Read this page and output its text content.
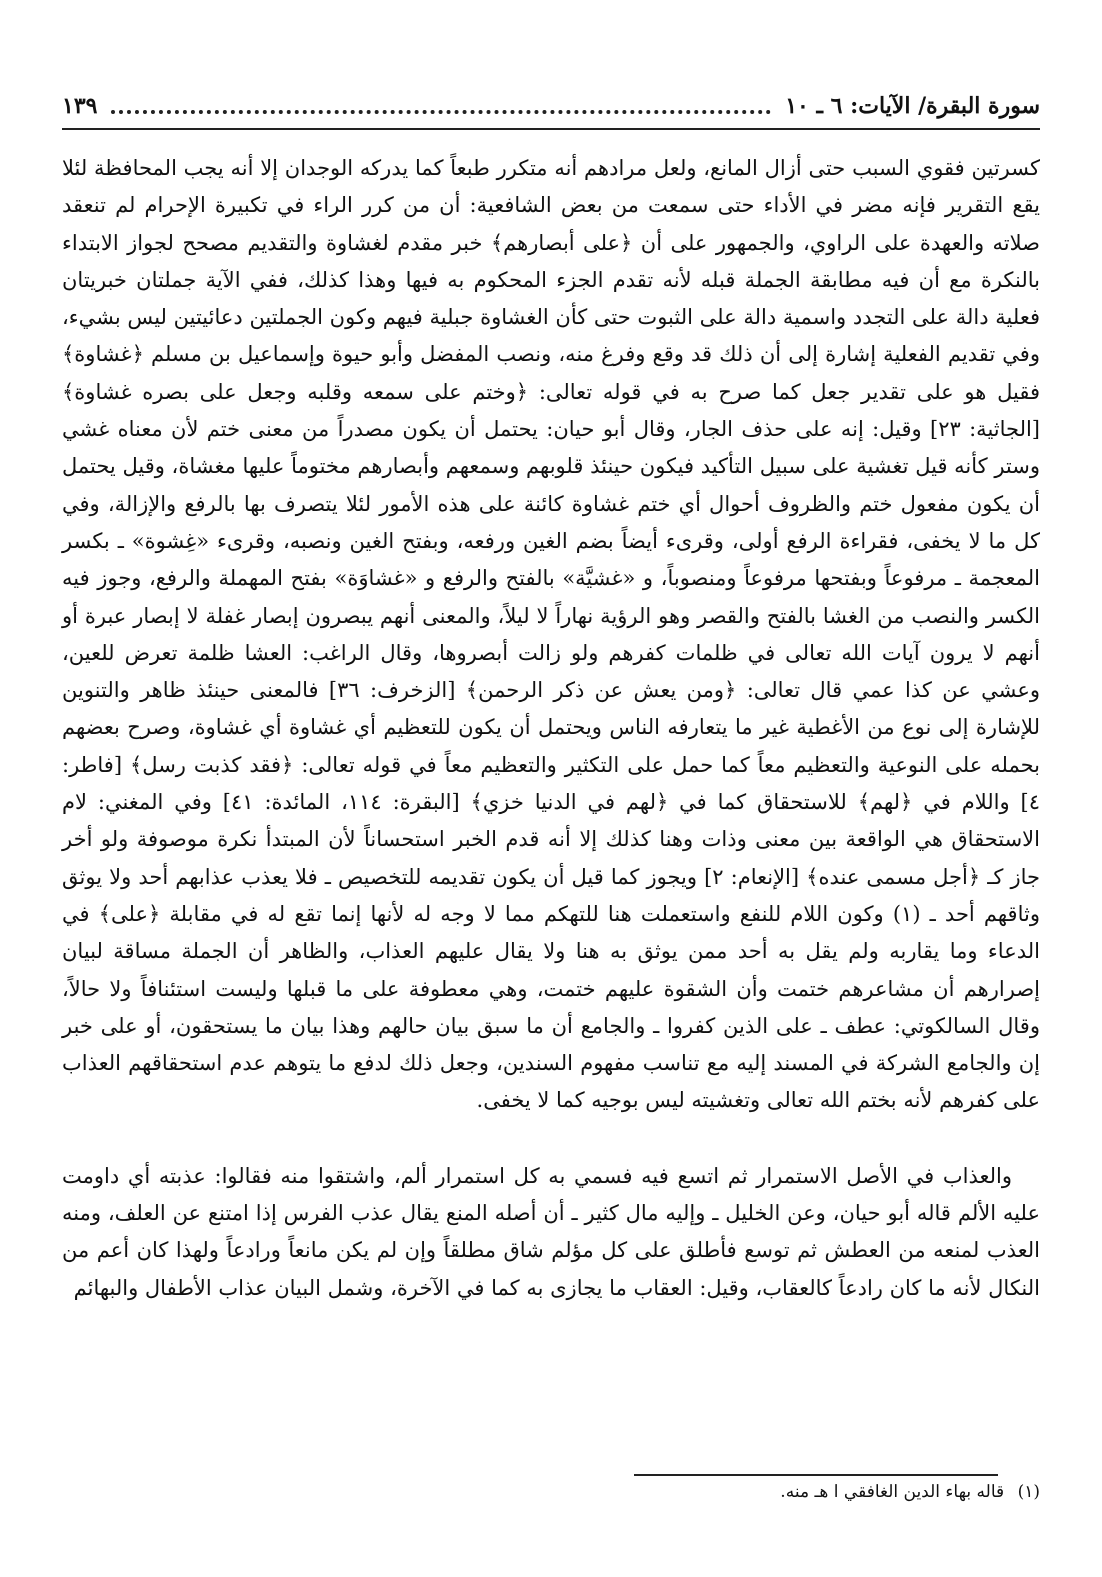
سورة البقرة/ الآيات: ٦ ـ ١٠
١٣٩

كسرتين فقوي السبب حتى أزال المانع، ولعل مرادهم أنه متكرر طبعاً كما يدركه الوجدان إلا أنه يجب المحافظة لئلا يقع التقرير فإنه مضر في الأداء حتى سمعت من بعض الشافعية: أن من كرر الراء في تكبيرة الإحرام لم تنعقد صلاته والعهدة على الراوي، والجمهور على أن ﴿على أبصارهم﴾ خبر مقدم لغشاوة والتقديم مصحح لجواز الابتداء بالنكرة مع أن فيه مطابقة الجملة قبله لأنه تقدم الجزء المحكوم به فيها وهذا كذلك، ففي الآية جملتان خبريتان فعلية دالة على التجدد واسمية دالة على الثبوت حتى كأن الغشاوة جبلية فيهم وكون الجملتين دعائيتين ليس بشيء، وفي تقديم الفعلية إشارة إلى أن ذلك قد وقع وفرغ منه، ونصب المفضل وأبو حيوة وإسماعيل بن مسلم ﴿غشاوة﴾ فقيل هو على تقدير جعل كما صرح به في قوله تعالى: ﴿وختم على سمعه وقلبه وجعل على بصره غشاوة﴾ [الجاثية: ٢٣] وقيل: إنه على حذف الجار، وقال أبو حيان: يحتمل أن يكون مصدراً من معنى ختم لأن معناه غشي وستر كأنه قيل تغشية على سبيل التأكيد فيكون حينئذ قلوبهم وسمعهم وأبصارهم مختوماً عليها مغشاة، وقيل يحتمل أن يكون مفعول ختم والظروف أحوال أي ختم غشاوة كائنة على هذه الأمور لئلا يتصرف بها بالرفع والإزالة، وفي كل ما لا يخفى، فقراءة الرفع أولى، وقرىء أيضاً بضم الغين ورفعه، وبفتح الغين ونصبه، وقرىء «غِشوة» ـ بكسر المعجمة ـ مرفوعاً وبفتحها مرفوعاً ومنصوباً، و «غشيَّة» بالفتح والرفع و «غشاوَة» بفتح المهملة والرفع، وجوز فيه الكسر والنصب من الغشا بالفتح والقصر وهو الرؤية نهاراً لا ليلاً، والمعنى أنهم يبصرون إبصار غفلة لا إبصار عبرة أو أنهم لا يرون آيات الله تعالى في ظلمات كفرهم ولو زالت أبصروها، وقال الراغب: العشا ظلمة تعرض للعين، وعشي عن كذا عمي قال تعالى: ﴿ومن يعش عن ذكر الرحمن﴾ [الزخرف: ٣٦] فالمعنى حينئذ ظاهر والتنوين للإشارة إلى نوع من الأغطية غير ما يتعارفه الناس ويحتمل أن يكون للتعظيم أي غشاوة أي غشاوة، وصرح بعضهم بحمله على النوعية والتعظيم معاً كما حمل على التكثير والتعظيم معاً في قوله تعالى: ﴿فقد كذبت رسل﴾ [فاطر: ٤] واللام في ﴿لهم﴾ للاستحقاق كما في ﴿لهم في الدنيا خزي﴾ [البقرة: ١١٤، المائدة: ٤١] وفي المغني: لام الاستحقاق هي الواقعة بين معنى وذات وهنا كذلك إلا أنه قدم الخبر استحساناً لأن المبتدأ نكرة موصوفة ولو أخر جاز كـ ﴿أجل مسمى عنده﴾ [الإنعام: ٢] ويجوز كما قيل أن يكون تقديمه للتخصيص ـ فلا يعذب عذابهم أحد ولا يوثق وثاقهم أحد ـ (١) وكون اللام للنفع واستعملت هنا للتهكم مما لا وجه له لأنها إنما تقع له في مقابلة ﴿على﴾ في الدعاء وما يقاربه ولم يقل به أحد ممن يوثق به هنا ولا يقال عليهم العذاب، والظاهر أن الجملة مساقة لبيان إصرارهم أن مشاعرهم ختمت وأن الشقوة عليهم ختمت، وهي معطوفة على ما قبلها وليست استئنافاً ولا حالاً، وقال السالكوتي: عطف ـ على الذين كفروا ـ والجامع أن ما سبق بيان حالهم وهذا بيان ما يستحقون، أو على خبر إن والجامع الشركة في المسند إليه مع تناسب مفهوم السندين، وجعل ذلك لدفع ما يتوهم عدم استحقاقهم العذاب على كفرهم لأنه بختم الله تعالى وتغشيته ليس بوجيه كما لا يخفى.

والعذاب في الأصل الاستمرار ثم اتسع فيه فسمي به كل استمرار ألم، واشتقوا منه فقالوا: عذبته أي داومت عليه الألم قاله أبو حيان، وعن الخليل ـ وإليه مال كثير ـ أن أصله المنع يقال عذب الفرس إذا امتنع عن العلف، ومنه العذب لمنعه من العطش ثم توسع فأطلق على كل مؤلم شاق مطلقاً وإن لم يكن مانعاً ورادعاً ولهذا كان أعم من النكال لأنه ما كان رادعاً كالعقاب، وقيل: العقاب ما يجازى به كما في الآخرة، وشمل البيان عذاب الأطفال والبهائم

(١) قاله بهاء الدين الغافقي ا هـ منه.
